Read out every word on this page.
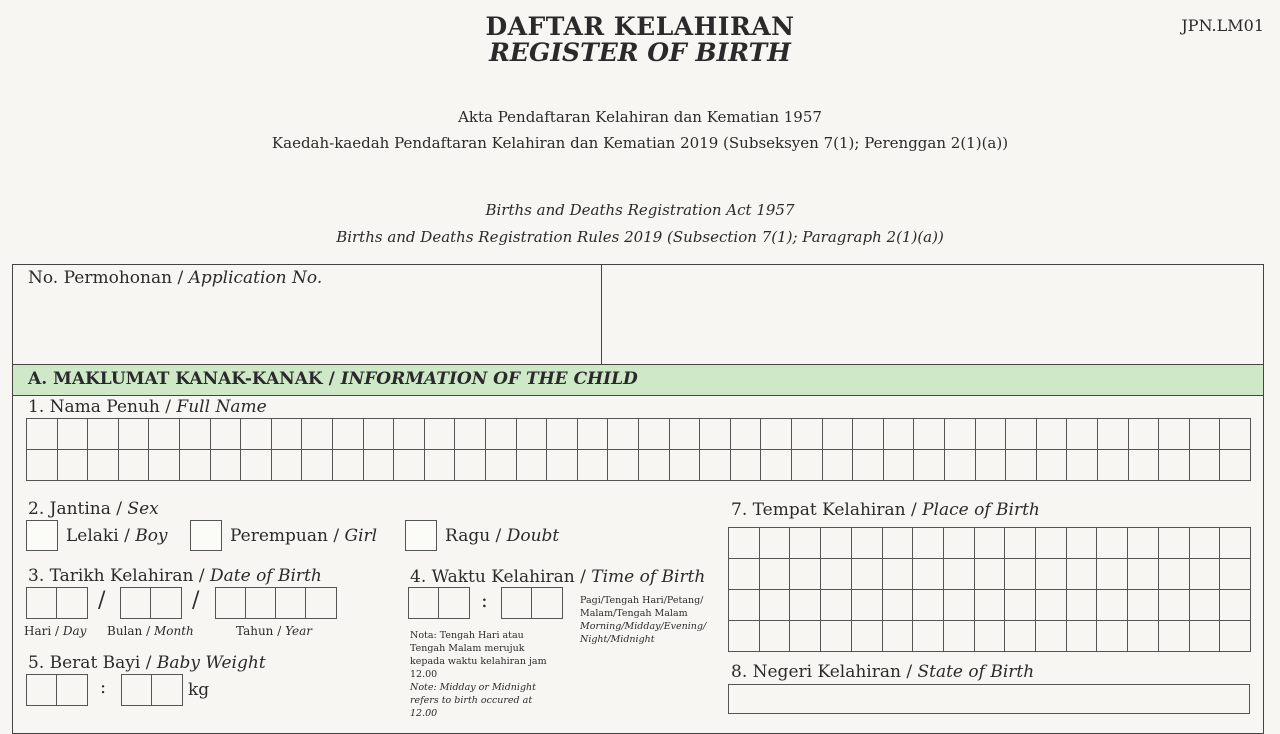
DAFTAR KELAHIRAN
REGISTER OF BIRTH
JPN.LM01
Akta Pendaftaran Kelahiran dan Kematian 1957
Kaedah-kaedah Pendaftaran Kelahiran dan Kematian 2019 (Subseksyen 7(1); Perenggan 2(1)(a))
Births and Deaths Registration Act 1957
Births and Deaths Registration Rules 2019 (Subsection 7(1); Paragraph 2(1)(a))
No. Permohonan / Application No.
A. MAKLUMAT KANAK-KANAK / INFORMATION OF THE CHILD
1. Nama Penuh / Full Name
2. Jantina / Sex
Lelaki / Boy	Perempuan / Girl	Ragu / Doubt
3. Tarikh Kelahiran / Date of Birth
/	/
Hari / Day Bulan / Month	Tahun / Year
4. Waktu Kelahiran / Time of Birth
:	Pagi/Tengah Hari/Petang/ Malam/Tengah Malam
Morning/Midday/Evening/ Night/Midnight
Nota: Tengah Hari atau Tengah Malam merujuk kepada waktu kelahiran jam 12.00
Note: Midday or Midnight refers to birth occured at 12.00
5. Berat Bayi / Baby Weight
:	kg
7. Tempat Kelahiran / Place of Birth
8. Negeri Kelahiran / State of Birth
